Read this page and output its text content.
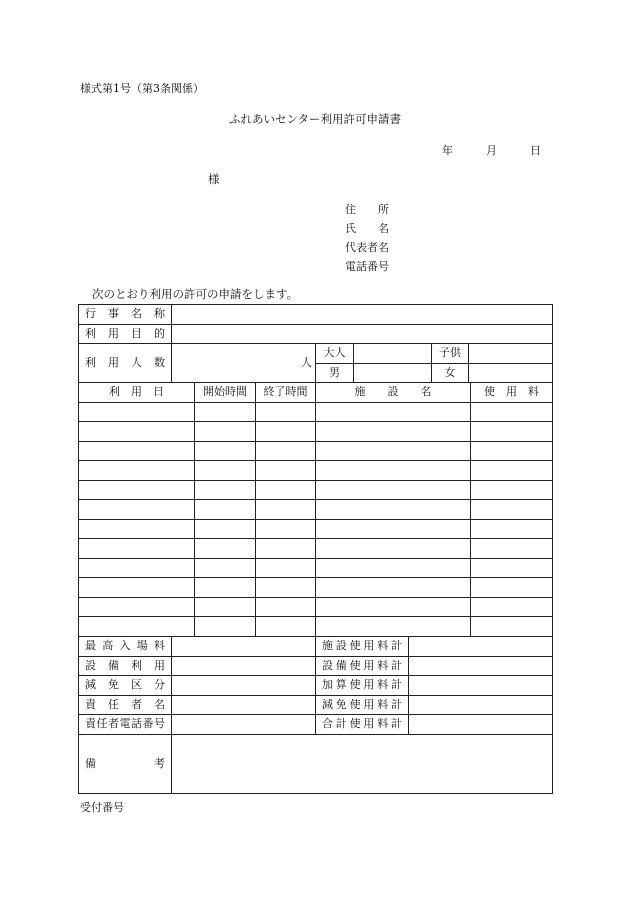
様式第1号（第3条関係）
ふれあいセンター利用許可申請書
年	月	日
様
住　　所
氏　　名
代表者名
電話番号
次のとおり利用の許可の申請をします。
行 事 名 称					
利 用 目 的					
利 用 人 数	人	大人		子供	
		男		女	
利　用　日	開始時間	終了時間	施　　設　　名	使　用　料

最 高 入 場 料		施設使用料計	
設 備 利 用		設備使用料計	
減 免 区 分		加算使用料計	
責 任 者 名		減免使用料計	
責任者電話番号		合計使用料計	
備　　考			
受付番号
